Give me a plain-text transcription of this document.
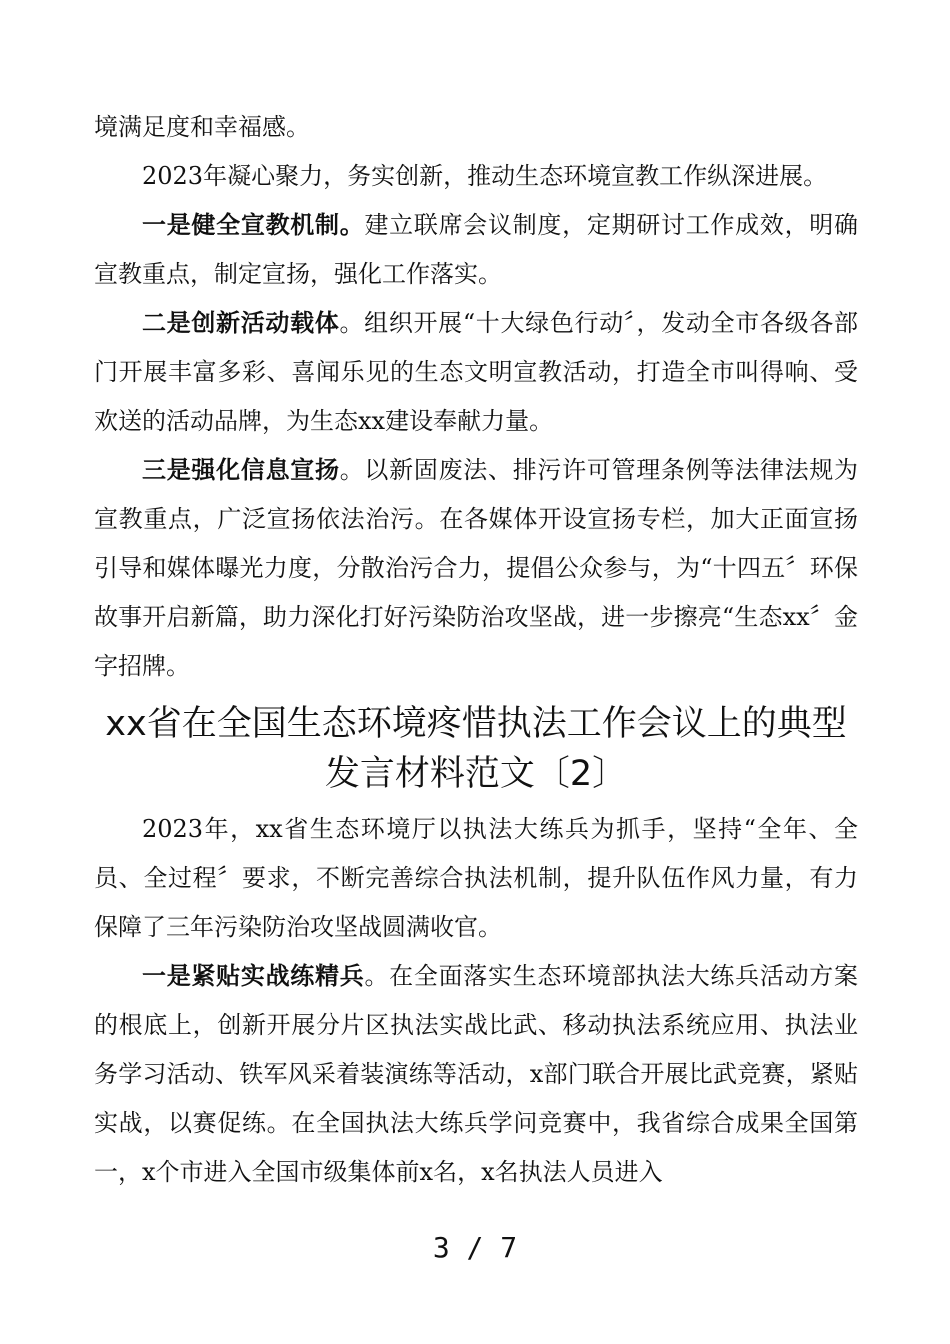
境满足度和幸福感。

2023年凝心聚力，务实创新，推动生态环境宣教工作纵深进展。

一是健全宣教机制。建立联席会议制度，定期研讨工作成效，明确宣教重点，制定宣扬，强化工作落实。

二是创新活动载体。组织开展“十大绿色行动〞，发动全市各级各部门开展丰富多彩、喜闻乐见的生态文明宣教活动，打造全市叫得响、受欢送的活动品牌，为生态xx建设奉献力量。

三是强化信息宣扬。以新固废法、排污许可管理条例等法律法规为宣教重点，广泛宣扬依法治污。在各媒体开设宣扬专栏，加大正面宣扬引导和媒体曝光力度，分散治污合力，提倡公众参与，为“十四五〞环保故事开启新篇，助力深化打好污染防治攻坚战，进一步擦亮“生态xx〞金字招牌。

xx省在全国生态环境疼惜执法工作会议上的典型发言材料范文〔2〕

2023年，xx省生态环境厅以执法大练兵为抓手，坚持“全年、全员、全过程〞要求，不断完善综合执法机制，提升队伍作风力量，有力保障了三年污染防治攻坚战圆满收官。

一是紧贴实战练精兵。在全面落实生态环境部执法大练兵活动方案的根底上，创新开展分片区执法实战比武、移动执法系统应用、执法业务学习活动、铁军风采着装演练等活动，x部门联合开展比武竞赛，紧贴实战，以赛促练。在全国执法大练兵学问竞赛中，我省综合成果全国第一，x个市进入全国市级集体前x名，x名执法人员进入

3 / 7
